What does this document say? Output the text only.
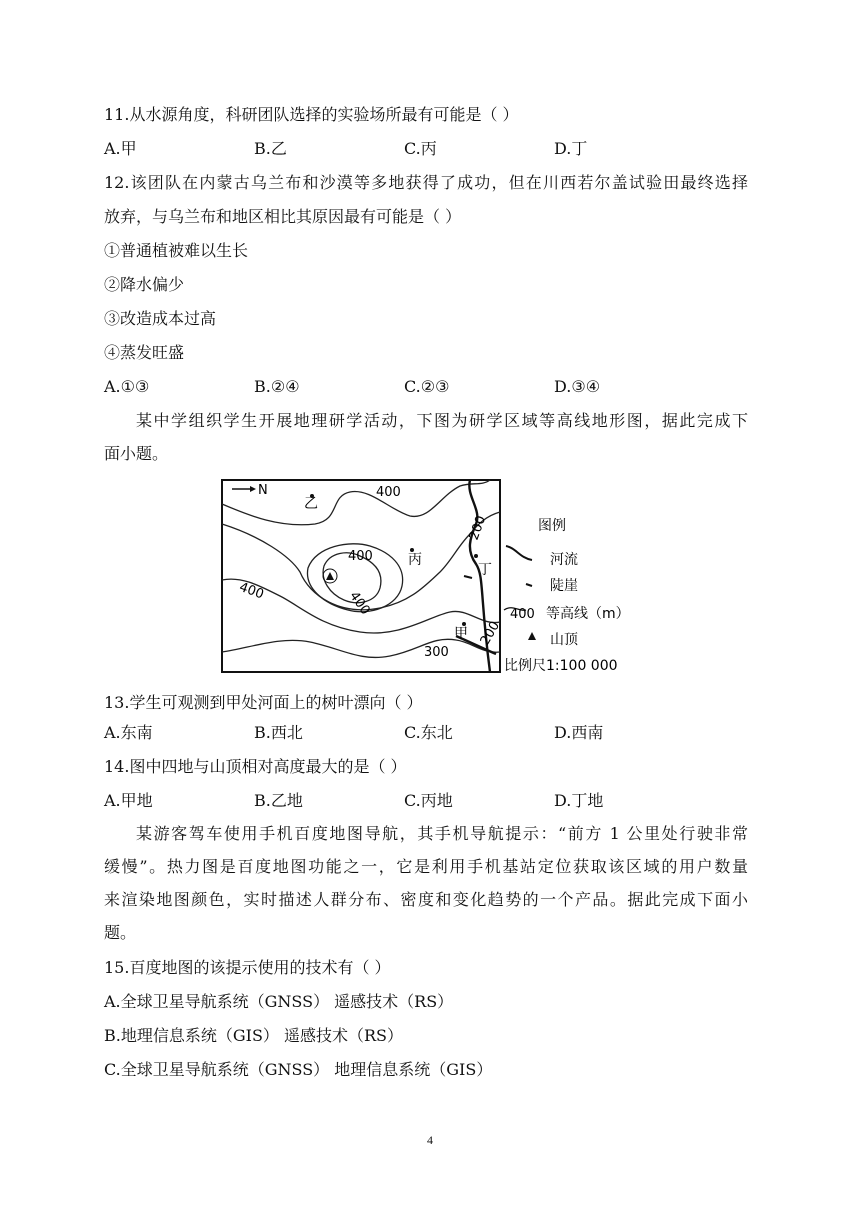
11.从水源角度，科研团队选择的实验场所最有可能是（ ）
A.甲	B.乙	C.丙	D.丁
12.该团队在内蒙古乌兰布和沙漠等多地获得了成功，但在川西若尔盖试验田最终选择
放弃，与乌兰布和地区相比其原因最有可能是（ ）
①普通植被难以生长
②降水偏少
③改造成本过高
④蒸发旺盛
A.①③	B.②④	C.②③	D.③④
某中学组织学生开展地理研学活动，下图为研学区域等高线地形图，据此完成下
面小题。
N
乙
丙
丁
甲
400
200
400
400
400
200
300
图例
河流
陡崖
400 等高线（m）
山顶
比例尺1:100 000
13.学生可观测到甲处河面上的树叶漂向（ ）
A.东南	B.西北	C.东北	D.西南
14.图中四地与山顶相对高度最大的是（ ）
A.甲地	B.乙地	C.丙地	D.丁地
某游客驾车使用手机百度地图导航，其手机导航提示：“前方 1 公里处行驶非常
缓慢”。热力图是百度地图功能之一，它是利用手机基站定位获取该区域的用户数量
来渲染地图颜色，实时描述人群分布、密度和变化趋势的一个产品。据此完成下面小
题。
15.百度地图的该提示使用的技术有（ ）
A.全球卫星导航系统（GNSS） 遥感技术（RS）
B.地理信息系统（GIS） 遥感技术（RS）
C.全球卫星导航系统（GNSS） 地理信息系统（GIS）
4
